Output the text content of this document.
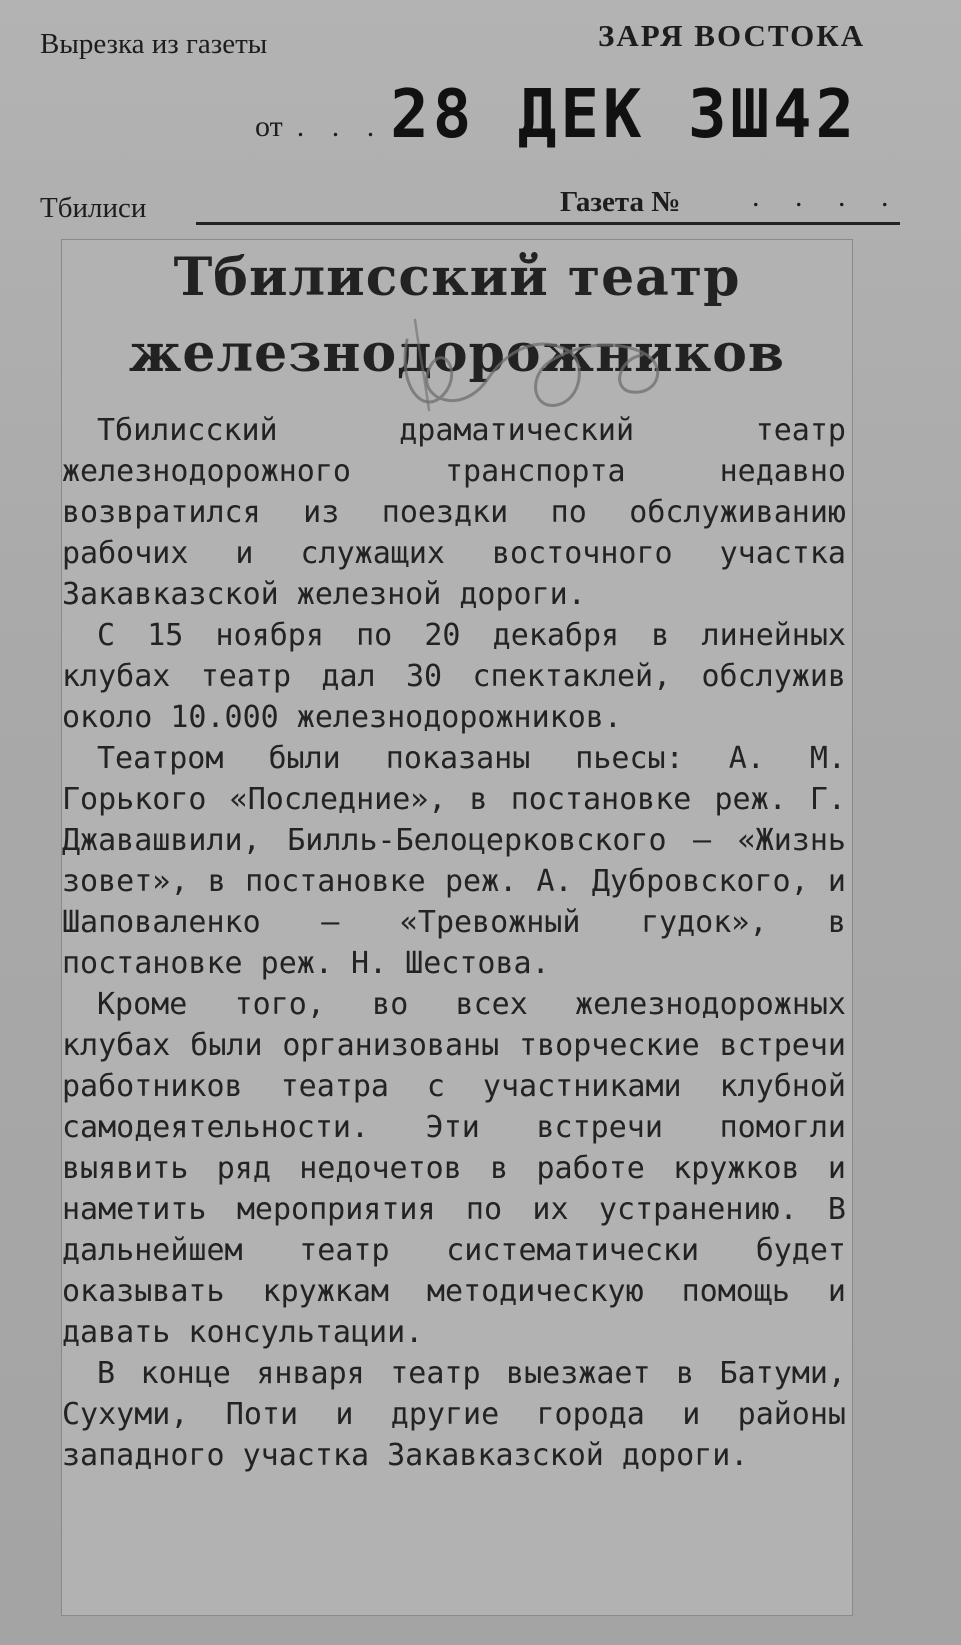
Вырезка из газеты	ЗАРЯ ВОСТОКА
от . . . 28 ДЕК 3Ш42
Тбилиси	Газета № . . . .
Тбилисский театр
железнодорожников

Тбилисский драматический театр железнодорожного транспорта недавно возвратился из поездки по обслуживанию рабочих и служащих восточного участка Закавказской железной дороги.

С 15 ноября по 20 декабря в линейных клубах театр дал 30 спектаклей, обслужив около 10.000 железнодорожников.

Театром были показаны пьесы: А. М. Горького «Последние», в постановке реж. Г. Джавашвили, Билль-Белоцерковского — «Жизнь зовет», в постановке реж. А. Дубровского, и Шаповаленко — «Тревожный гудок», в постановке реж. Н. Шестова.

Кроме того, во всех железнодорожных клубах были организованы творческие встречи работников театра с участниками клубной самодеятельности. Эти встречи помогли выявить ряд недочетов в работе кружков и наметить мероприятия по их устранению. В дальнейшем театр систематически будет оказывать кружкам методическую помощь и давать консультации.

В конце января театр выезжает в Батуми, Сухуми, Поти и другие города и районы западного участка Закавказской дороги.
